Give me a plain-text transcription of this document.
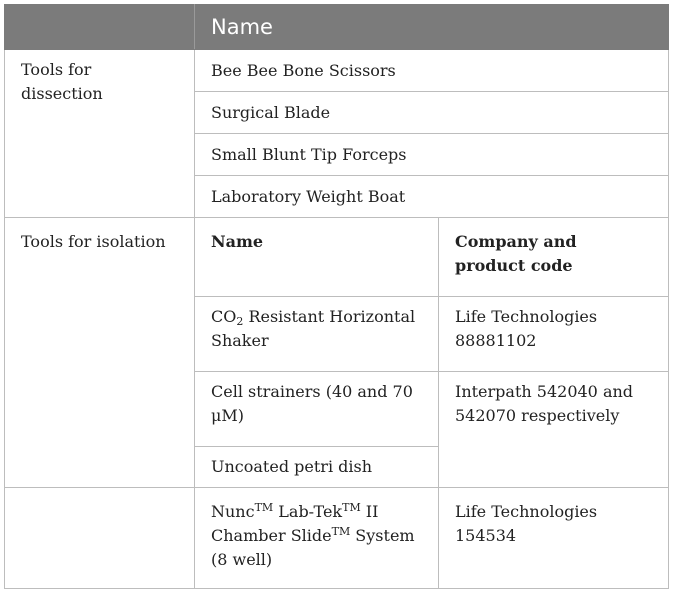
	Name	
Tools for dissection	Bee Bee Bone Scissors	
	Surgical Blade	
	Small Blunt Tip Forceps	
	Laboratory Weight Boat	
Tools for isolation	Name	Company and product code
	$CO_2$ Resistant Horizontal Shaker	Life Technologies 88881102
	Cell strainers (40 and 70 μM)	Interpath 542040 and 542070 respectively
	Uncoated petri dish	
	Nunc™ Lab-Tek™ II Chamber Slide™ System (8 well)	Life Technologies 154534
